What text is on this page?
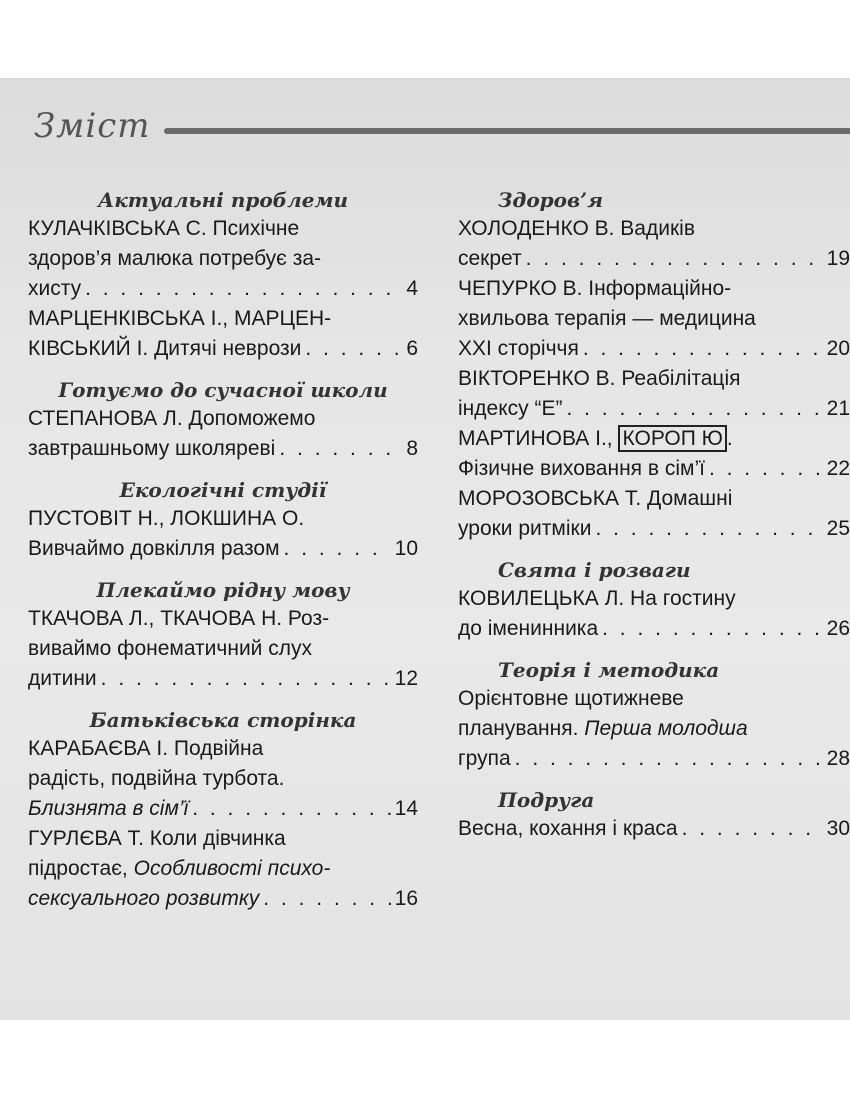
Зміст
Актуальні проблеми
КУЛАЧКІВСЬКА С. Психічне
здоров’я малюка потребує за-
хисту . . .	4
МАРЦЕНКІВСЬКА І., МАРЦЕН-
КІВСЬКИЙ І. Дитячі неврози . . .	6
Готуємо до сучасної школи
СТЕПАНОВА Л. Допоможемо
завтрашньому школяреві . . .	8
Екологічні студії
ПУСТОВІТ Н., ЛОКШИНА О.
Вивчаймо довкілля разом . . .	10
Плекаймо рідну мову
ТКАЧОВА Л., ТКАЧОВА Н. Роз-
виваймо фонематичний слух
дитини . . .	12
Батьківська сторінка
КАРАБАЄВА І. Подвійна
радість, подвійна турбота.
Близнята в сім’ї . . .	14
ГУРЛЄВА Т. Коли дівчинка
підростає, Особливості психо-
сексуального розвитку . . .	16
Здоров’я
ХОЛОДЕНКО В. Вадиків
секрет . . .	19
ЧЕПУРКО В. Інформаційно-
хвильова терапія — медицина
XXI сторіччя . . .	20
ВІКТОРЕНКО В. Реабілітація
індексу “Е” . . .	21
МАРТИНОВА І., КОРОП Ю .
Фізичне виховання в сім’ї . . .	22
МОРОЗОВСЬКА Т. Домашні
уроки ритміки . . .	25
Свята і розваги
КОВИЛЕЦЬКА Л. На гостину
до іменинника . . .	26
Теорія і методика
Орієнтовне щотижневе
планування. Перша молодша
група . . .	28
Подруга
Весна, кохання і краса . . .	30
